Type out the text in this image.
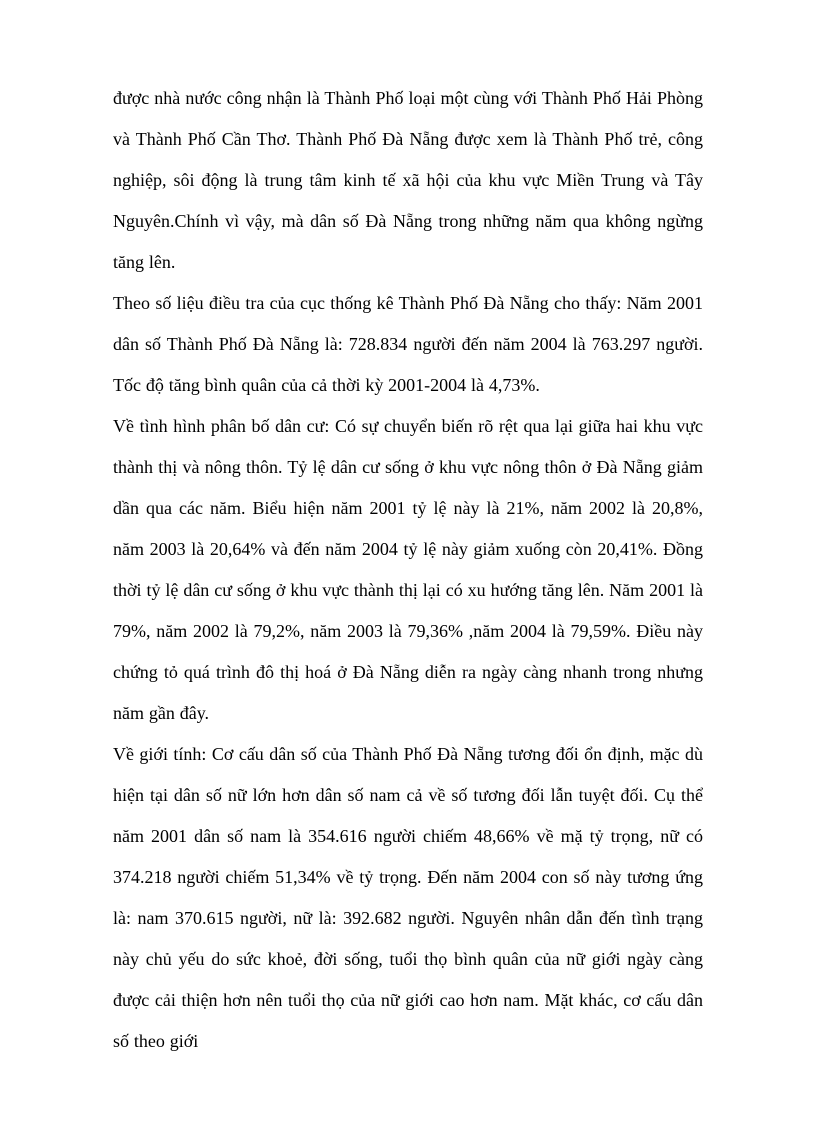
được nhà nước công nhận là Thành Phố loại một cùng với Thành Phố Hải Phòng và Thành Phố Cần Thơ. Thành Phố Đà Nẵng được xem là Thành Phố trẻ, công nghiệp, sôi động là trung tâm kinh tế xã hội của khu vực Miền Trung và Tây Nguyên.Chính vì vậy, mà dân số Đà Nẵng trong những năm qua không ngừng tăng lên.

Theo số liệu điều tra của cục thống kê Thành Phố Đà Nẵng cho thấy: Năm 2001 dân số Thành Phố Đà Nẵng là: 728.834 người đến năm 2004 là 763.297 người. Tốc độ tăng bình quân của cả thời kỳ 2001-2004 là 4,73%.

Về tình hình phân bố dân cư: Có sự chuyển biến rõ rệt qua lại giữa hai khu vực thành thị và nông thôn. Tỷ lệ dân cư sống ở khu vực nông thôn ở Đà Nẵng giảm dần qua các năm. Biểu hiện năm 2001 tỷ lệ này là 21%, năm 2002 là 20,8%, năm 2003 là 20,64% và đến năm 2004 tỷ lệ này giảm xuống còn 20,41%. Đồng thời tỷ lệ dân cư sống ở khu vực thành thị lại có xu hướng tăng lên. Năm 2001 là 79%, năm 2002 là 79,2%, năm 2003 là 79,36% ,năm 2004 là 79,59%. Điều này chứng tỏ quá trình đô thị hoá ở Đà Nẵng diễn ra ngày càng nhanh trong nhưng năm gần đây.

Về giới tính: Cơ cấu dân số của Thành Phố Đà Nẵng tương đối ổn định, mặc dù hiện tại dân số nữ lớn hơn dân số nam cả về số tương đối lẫn tuyệt đối. Cụ thể năm 2001 dân số nam là 354.616 người chiếm 48,66% về mặ tỷ trọng, nữ có 374.218 người chiếm 51,34% về tỷ trọng. Đến năm 2004 con số này tương ứng là: nam 370.615 người, nữ là: 392.682 người. Nguyên nhân dẫn đến tình trạng này chủ yếu do sức khoẻ, đời sống, tuổi thọ bình quân của nữ giới ngày càng được cải thiện hơn nên tuổi thọ của nữ giới cao hơn nam. Mặt khác, cơ cấu dân số theo giới
